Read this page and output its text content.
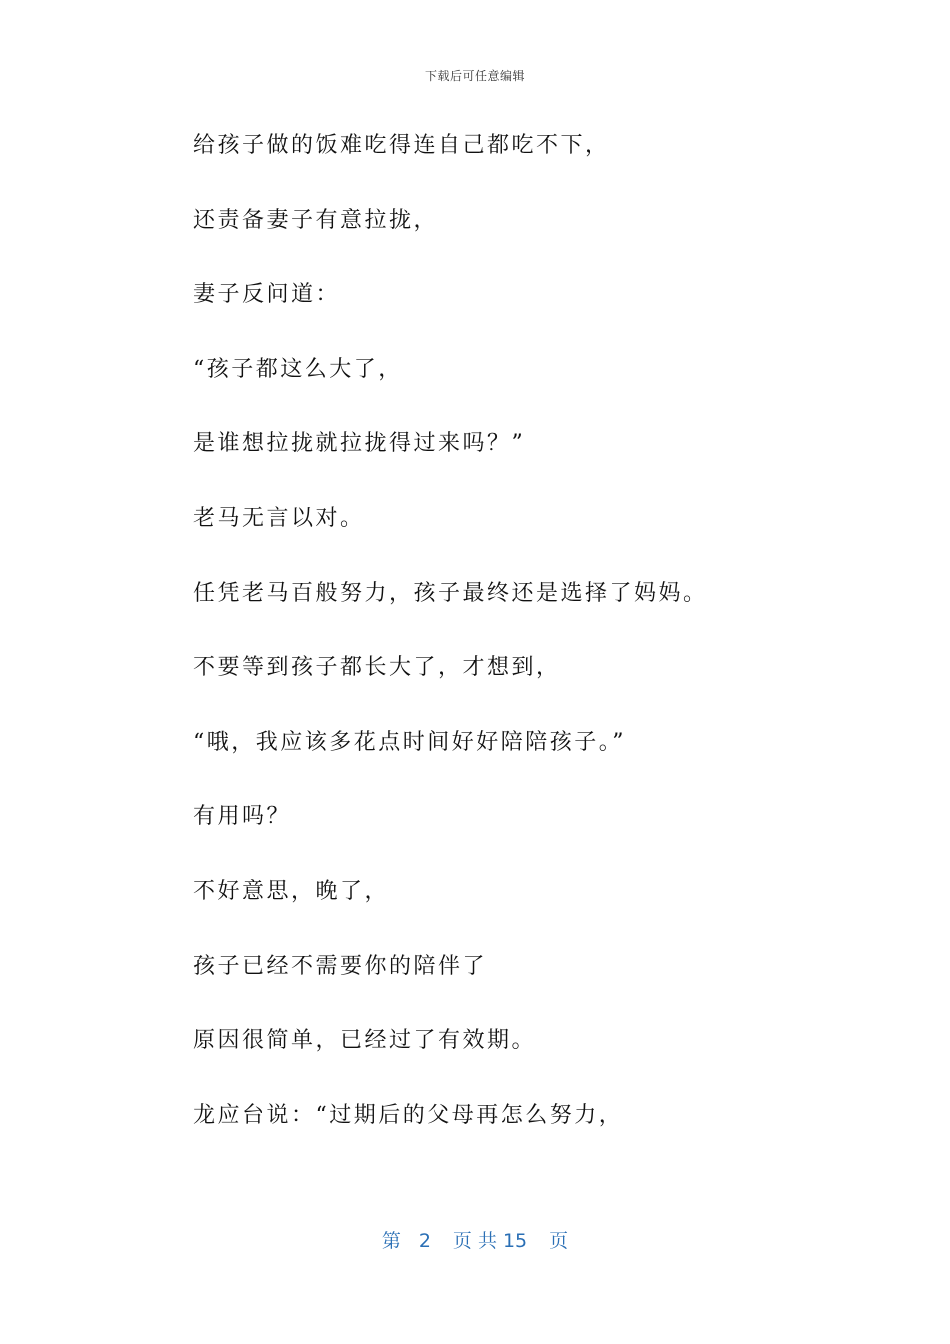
下载后可任意编辑
给孩子做的饭难吃得连自己都吃不下，
还责备妻子有意拉拢，
妻子反问道：
“孩子都这么大了，
是谁想拉拢就拉拢得过来吗？”
老马无言以对。
任凭老马百般努力，孩子最终还是选择了妈妈。
不要等到孩子都长大了，才想到，
“哦，我应该多花点时间好好陪陪孩子。”
有用吗？
不好意思，晚了，
孩子已经不需要你的陪伴了
原因很简单，已经过了有效期。
龙应台说：“过期后的父母再怎么努力，
第 2 页 共 15 页
